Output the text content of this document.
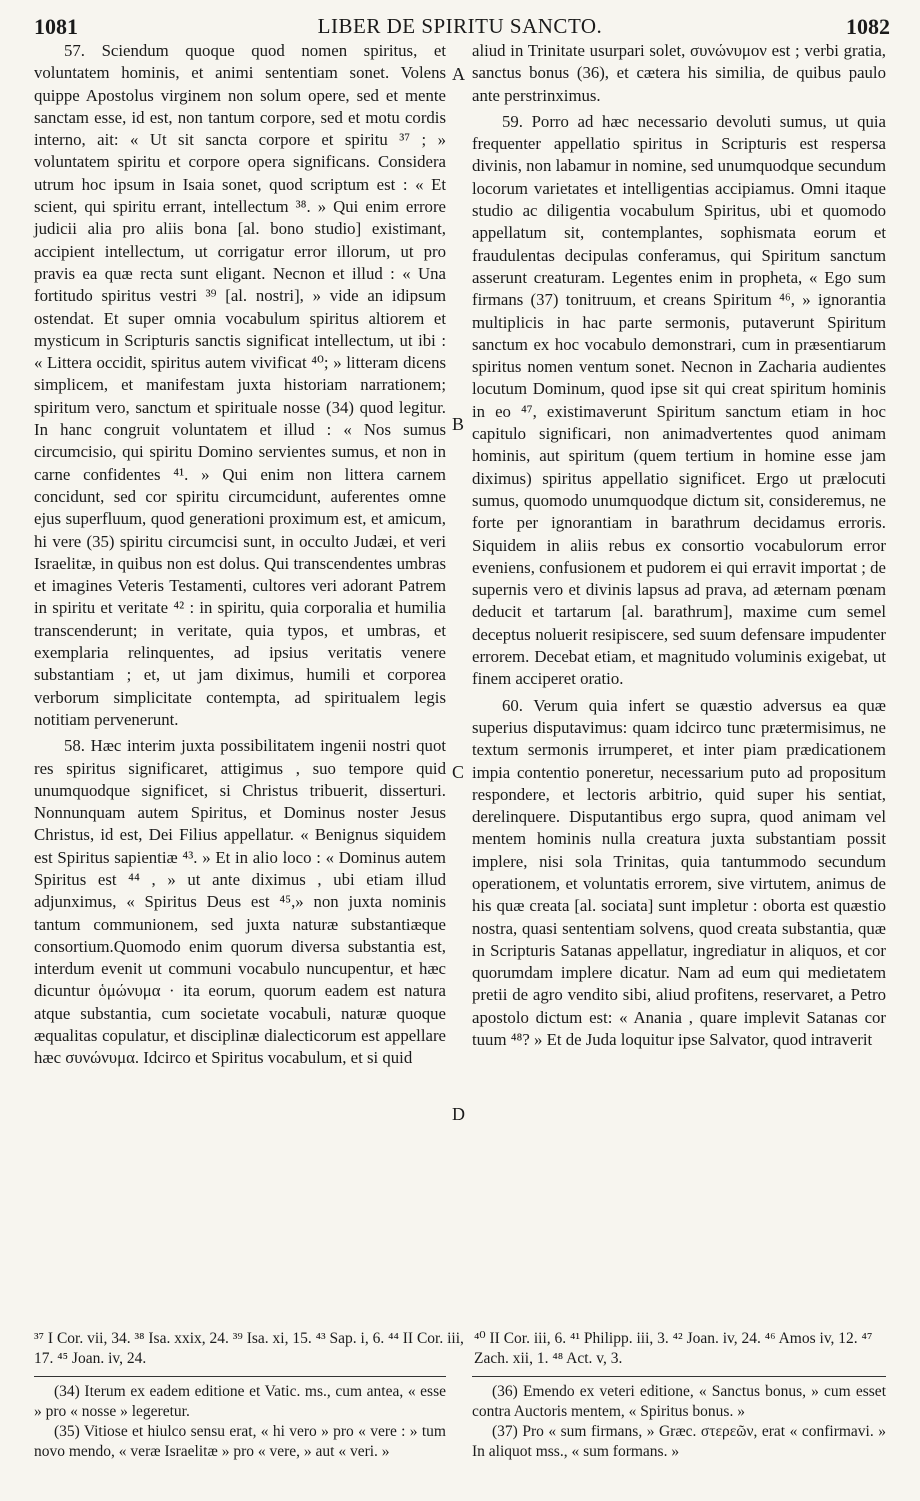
1081	LIBER DE SPIRITU SANCTO.	1082

57. Sciendum quoque quod nomen spiritus, et voluntatem hominis, et animi sententiam sonet. Volens quippe Apostolus virginem non solum opere, sed et mente sanctam esse, id est, non tantum corpore, sed et motu cordis interno, ait: « Ut sit sancta corpore et spiritu ³⁷ ; » voluntatem spiritu et corpore opera significans. Considera utrum hoc ipsum in Isaia sonet, quod scriptum est : « Et scient, qui spiritu errant, intellectum ³⁸. » Qui enim errore judicii alia pro aliis bona [al. bono studio] existimant, accipient intellectum, ut corrigatur error illorum, ut pro pravis ea quæ recta sunt eligant. Necnon et illud : « Una fortitudo spiritus vestri ³⁹ [al. nostri], » vide an idipsum ostendat. Et super omnia vocabulum spiritus altiorem et mysticum in Scripturis sanctis significat intellectum, ut ibi : « Littera occidit, spiritus autem vivificat ⁴⁰; » litteram dicens simplicem, et manifestam juxta historiam narrationem; spiritum vero, sanctum et spirituale nosse (34) quod legitur. In hanc congruit voluntatem et illud : « Nos sumus circumcisio, qui spiritu Domino servientes sumus, et non in carne confidentes ⁴¹. » Qui enim non littera carnem concidunt, sed cor spiritu circumcidunt, auferentes omne ejus superfluum, quod generationi proximum est, et amicum, hi vere (35) spiritu circumcisi sunt, in occulto Judæi, et veri Israelitæ, in quibus non est dolus. Qui transcendentes umbras et imagines Veteris Testamenti, cultores veri adorant Patrem in spiritu et veritate ⁴² : in spiritu, quia corporalia et humilia transcenderunt; in veritate, quia typos, et umbras, et exemplaria relinquentes, ad ipsius veritatis venere substantiam ; et, ut jam diximus, humili et corporea verborum simplicitate contempta, ad spiritualem legis notitiam pervenerunt.

58. Hæc interim juxta possibilitatem ingenii nostri quot res spiritus significaret, attigimus , suo tempore quid unumquodque significet, si Christus tribuerit, disserturi. Nonnunquam autem Spiritus, et Dominus noster Jesus Christus, id est, Dei Filius appellatur. « Benignus siquidem est Spiritus sapientiæ ⁴³. » Et in alio loco : « Dominus autem Spiritus est ⁴⁴ , » ut ante diximus , ubi etiam illud adjunximus, « Spiritus Deus est ⁴⁵,» non juxta nominis tantum communionem, sed juxta naturæ substantiæque consortium.Quomodo enim quorum diversa substantia est, interdum evenit ut communi vocabulo nuncupentur, et hæc dicuntur ὁμώνυμα · ita eorum, quorum eadem est natura atque substantia, cum societate vocabuli, naturæ quoque æqualitas copulatur, et disciplinæ dialecticorum est appellare hæc συνώνυμα. Idcirco et Spiritus vocabulum, et si quid

aliud in Trinitate usurpari solet, συνώνυμον est ; verbi gratia, sanctus bonus (36), et cætera his similia, de quibus paulo ante perstrinximus.

59. Porro ad hæc necessario devoluti sumus, ut quia frequenter appellatio spiritus in Scripturis est respersa divinis, non labamur in nomine, sed unumquodque secundum locorum varietates et intelligentias accipiamus. Omni itaque studio ac diligentia vocabulum Spiritus, ubi et quomodo appellatum sit, contemplantes, sophismata eorum et fraudulentas decipulas conferamus, qui Spiritum sanctum asserunt creaturam. Legentes enim in propheta, « Ego sum firmans (37) tonitruum, et creans Spiritum ⁴⁶, » ignorantia multiplicis in hac parte sermonis, putaverunt Spiritum sanctum ex hoc vocabulo demonstrari, cum in præsentiarum spiritus nomen ventum sonet. Necnon in Zacharia audientes locutum Dominum, quod ipse sit qui creat spiritum hominis in eo ⁴⁷, existimaverunt Spiritum sanctum etiam in hoc capitulo significari, non animadvertentes quod animam hominis, aut spiritum (quem tertium in homine esse jam diximus) spiritus appellatio significet. Ergo ut prælocuti sumus, quomodo unumquodque dictum sit, consideremus, ne forte per ignorantiam in barathrum decidamus erroris. Siquidem in aliis rebus ex consortio vocabulorum error eveniens, confusionem et pudorem ei qui erravit importat ; de supernis vero et divinis lapsus ad prava, ad æternam pœnam deducit et tartarum [al. barathrum], maxime cum semel deceptus noluerit resipiscere, sed suum defensare impudenter errorem. Decebat etiam, et magnitudo voluminis exigebat, ut finem acciperet oratio.

60. Verum quia infert se quæstio adversus ea quæ superius disputavimus: quam idcirco tunc prætermisimus, ne textum sermonis irrumperet, et inter piam prædicationem impia contentio poneretur, necessarium puto ad propositum respondere, et lectoris arbitrio, quid super his sentiat, derelinquere. Disputantibus ergo supra, quod animam vel mentem hominis nulla creatura juxta substantiam possit implere, nisi sola Trinitas, quia tantummodo secundum operationem, et voluntatis errorem, sive virtutem, animus de his quæ creata [al. sociata] sunt impletur : oborta est quæstio nostra, quasi sententiam solvens, quod creata substantia, quæ in Scripturis Satanas appellatur, ingrediatur in aliquos, et cor quorumdam implere dicatur. Nam ad eum qui medietatem pretii de agro vendito sibi, aliud profitens, reservaret, a Petro apostolo dictum est: « Anania , quare implevit Satanas cor tuum ⁴⁸? » Et de Juda loquitur ipse Salvator, quod intraverit

A
B
C
D
³⁷ I Cor. vii, 34. ³⁸ Isa. xxix, 24. ³⁹ Isa. xi, 15. ⁴³ Sap. i, 6. ⁴⁴ II Cor. iii, 17. ⁴⁵ Joan. iv, 24.
⁴⁰ II Cor. iii, 6. ⁴¹ Philipp. iii, 3. ⁴² Joan. iv, 24. ⁴⁶ Amos iv, 12. ⁴⁷ Zach. xii, 1. ⁴⁸ Act. v, 3.

(34) Iterum ex eadem editione et Vatic. ms., cum antea, « esse » pro « nosse » legeretur.

(35) Vitiose et hiulco sensu erat, « hi vero » pro « vere : » tum novo mendo, « veræ Israelitæ » pro « vere, » aut « veri. »

(36) Emendo ex veteri editione, « Sanctus bonus, » cum esset contra Auctoris mentem, « Spiritus bonus. »

(37) Pro « sum firmans, » Græc. στερεῶν, erat « confirmavi. » In aliquot mss., « sum formans. »
